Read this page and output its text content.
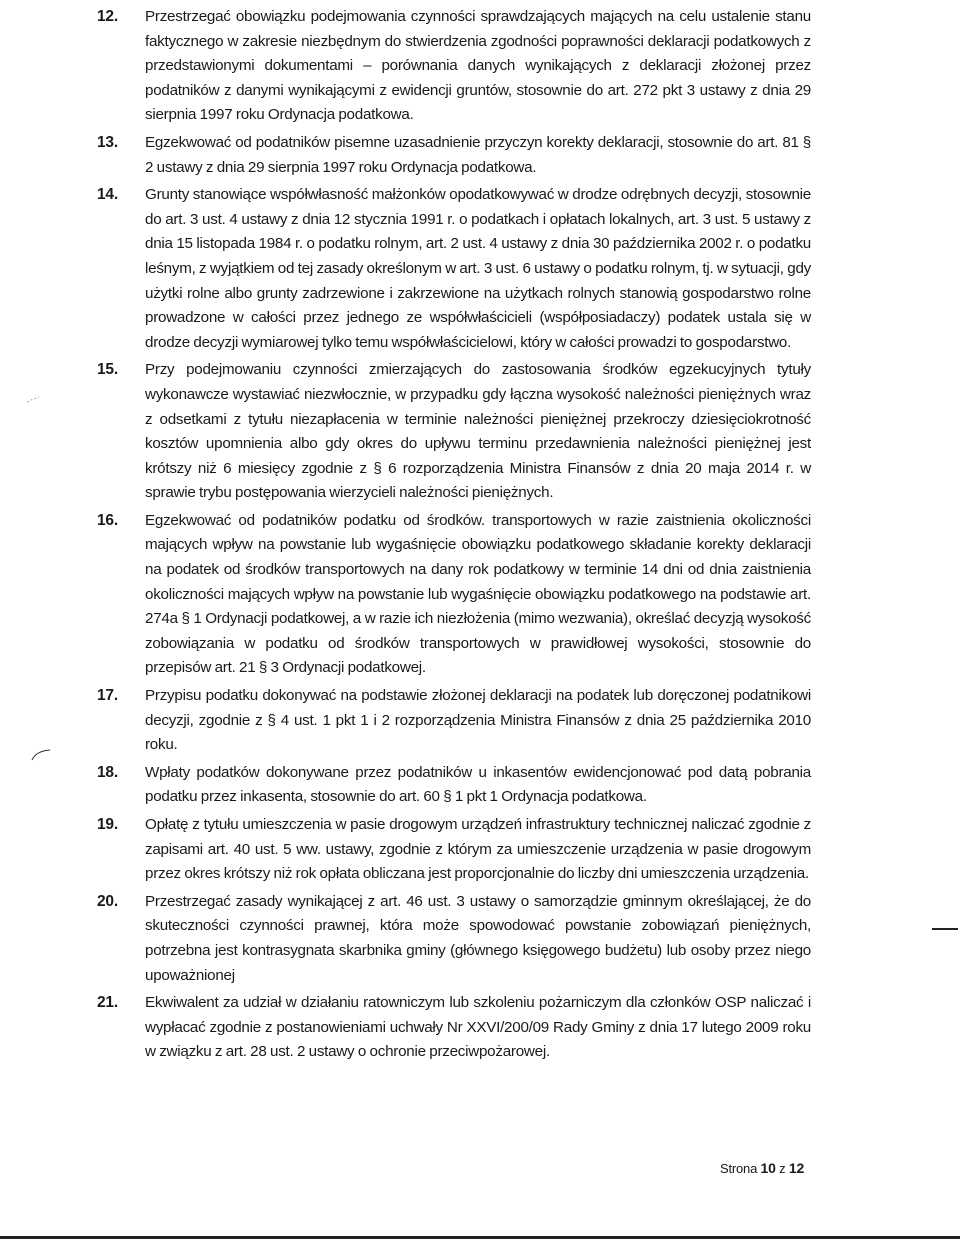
12. Przestrzegać obowiązku podejmowania czynności sprawdzających mających na celu ustalenie stanu faktycznego w zakresie niezbędnym do stwierdzenia zgodności poprawności deklaracji podatkowych z przedstawionymi dokumentami – porównania danych wynikających z deklaracji złożonej przez podatników z danymi wynikającymi z ewidencji gruntów, stosownie do art. 272 pkt 3 ustawy z dnia 29 sierpnia 1997 roku Ordynacja podatkowa.
13. Egzekwować od podatników pisemne uzasadnienie przyczyn korekty deklaracji, stosownie do art. 81 § 2 ustawy z dnia 29 sierpnia 1997 roku Ordynacja podatkowa.
14. Grunty stanowiące współwłasność małżonków opodatkowywać w drodze odrębnych decyzji, stosownie do art. 3 ust. 4 ustawy z dnia 12 stycznia 1991 r. o podatkach i opłatach lokalnych, art. 3 ust. 5 ustawy z dnia 15 listopada 1984 r. o podatku rolnym, art. 2 ust. 4 ustawy z dnia 30 października 2002 r. o podatku leśnym, z wyjątkiem od tej zasady określonym w art. 3 ust. 6 ustawy o podatku rolnym, tj. w sytuacji, gdy użytki rolne albo grunty zadrzewione i zakrzewione na użytkach rolnych stanowią gospodarstwo rolne prowadzone w całości przez jednego ze współwłaścicieli (współposiadaczy) podatek ustala się w drodze decyzji wymiarowej tylko temu współwłaścicielowi, który w całości prowadzi to gospodarstwo.
15. Przy podejmowaniu czynności zmierzających do zastosowania środków egzekucyjnych tytuły wykonawcze wystawiać niezwłocznie, w przypadku gdy łączna wysokość należności pieniężnych wraz z odsetkami z tytułu niezapłacenia w terminie należności pieniężnej przekroczy dziesięciokrotność kosztów upomnienia albo gdy okres do upływu terminu przedawnienia należności pieniężnej jest krótszy niż 6 miesięcy zgodnie z § 6 rozporządzenia Ministra Finansów z dnia 20 maja 2014 r. w sprawie trybu postępowania wierzycieli należności pieniężnych.
16. Egzekwować od podatników podatku od środków. transportowych w razie zaistnienia okoliczności mających wpływ na powstanie lub wygaśnięcie obowiązku podatkowego składanie korekty deklaracji na podatek od środków transportowych na dany rok podatkowy w terminie 14 dni od dnia zaistnienia okoliczności mających wpływ na powstanie lub wygaśnięcie obowiązku podatkowego na podstawie art. 274a § 1 Ordynacji podatkowej, a w razie ich niezłożenia (mimo wezwania), określać decyzją wysokość zobowiązania w podatku od środków transportowych w prawidłowej wysokości, stosownie do przepisów art. 21 § 3 Ordynacji podatkowej.
17. Przypisu podatku dokonywać na podstawie złożonej deklaracji na podatek lub doręczonej podatnikowi decyzji, zgodnie z § 4 ust. 1 pkt 1 i 2 rozporządzenia Ministra Finansów z dnia 25 października 2010 roku.
18. Wpłaty podatków dokonywane przez podatników u inkasentów ewidencjonować pod datą pobrania podatku przez inkasenta, stosownie do art. 60 § 1 pkt 1 Ordynacja podatkowa.
19. Opłatę z tytułu umieszczenia w pasie drogowym urządzeń infrastruktury technicznej naliczać zgodnie z zapisami art. 40 ust. 5 ww. ustawy, zgodnie z którym za umieszczenie urządzenia w pasie drogowym przez okres krótszy niż rok opłata obliczana jest proporcjonalnie do liczby dni umieszczenia urządzenia.
20. Przestrzegać zasady wynikającej z art. 46 ust. 3 ustawy o samorządzie gminnym określającej, że do skuteczności czynności prawnej, która może spowodować powstanie zobowiązań pieniężnych, potrzebna jest kontrasygnata skarbnika gminy (głównego księgowego budżetu) lub osoby przez niego upoważnionej
21. Ekwiwalent za udział w działaniu ratowniczym lub szkoleniu pożarniczym dla członków OSP naliczać i wypłacać zgodnie z postanowieniami uchwały Nr XXVI/200/09 Rady Gminy z dnia 17 lutego 2009 roku w związku z art. 28 ust. 2 ustawy o ochronie przeciwpożarowej.
Strona 10 z 12
